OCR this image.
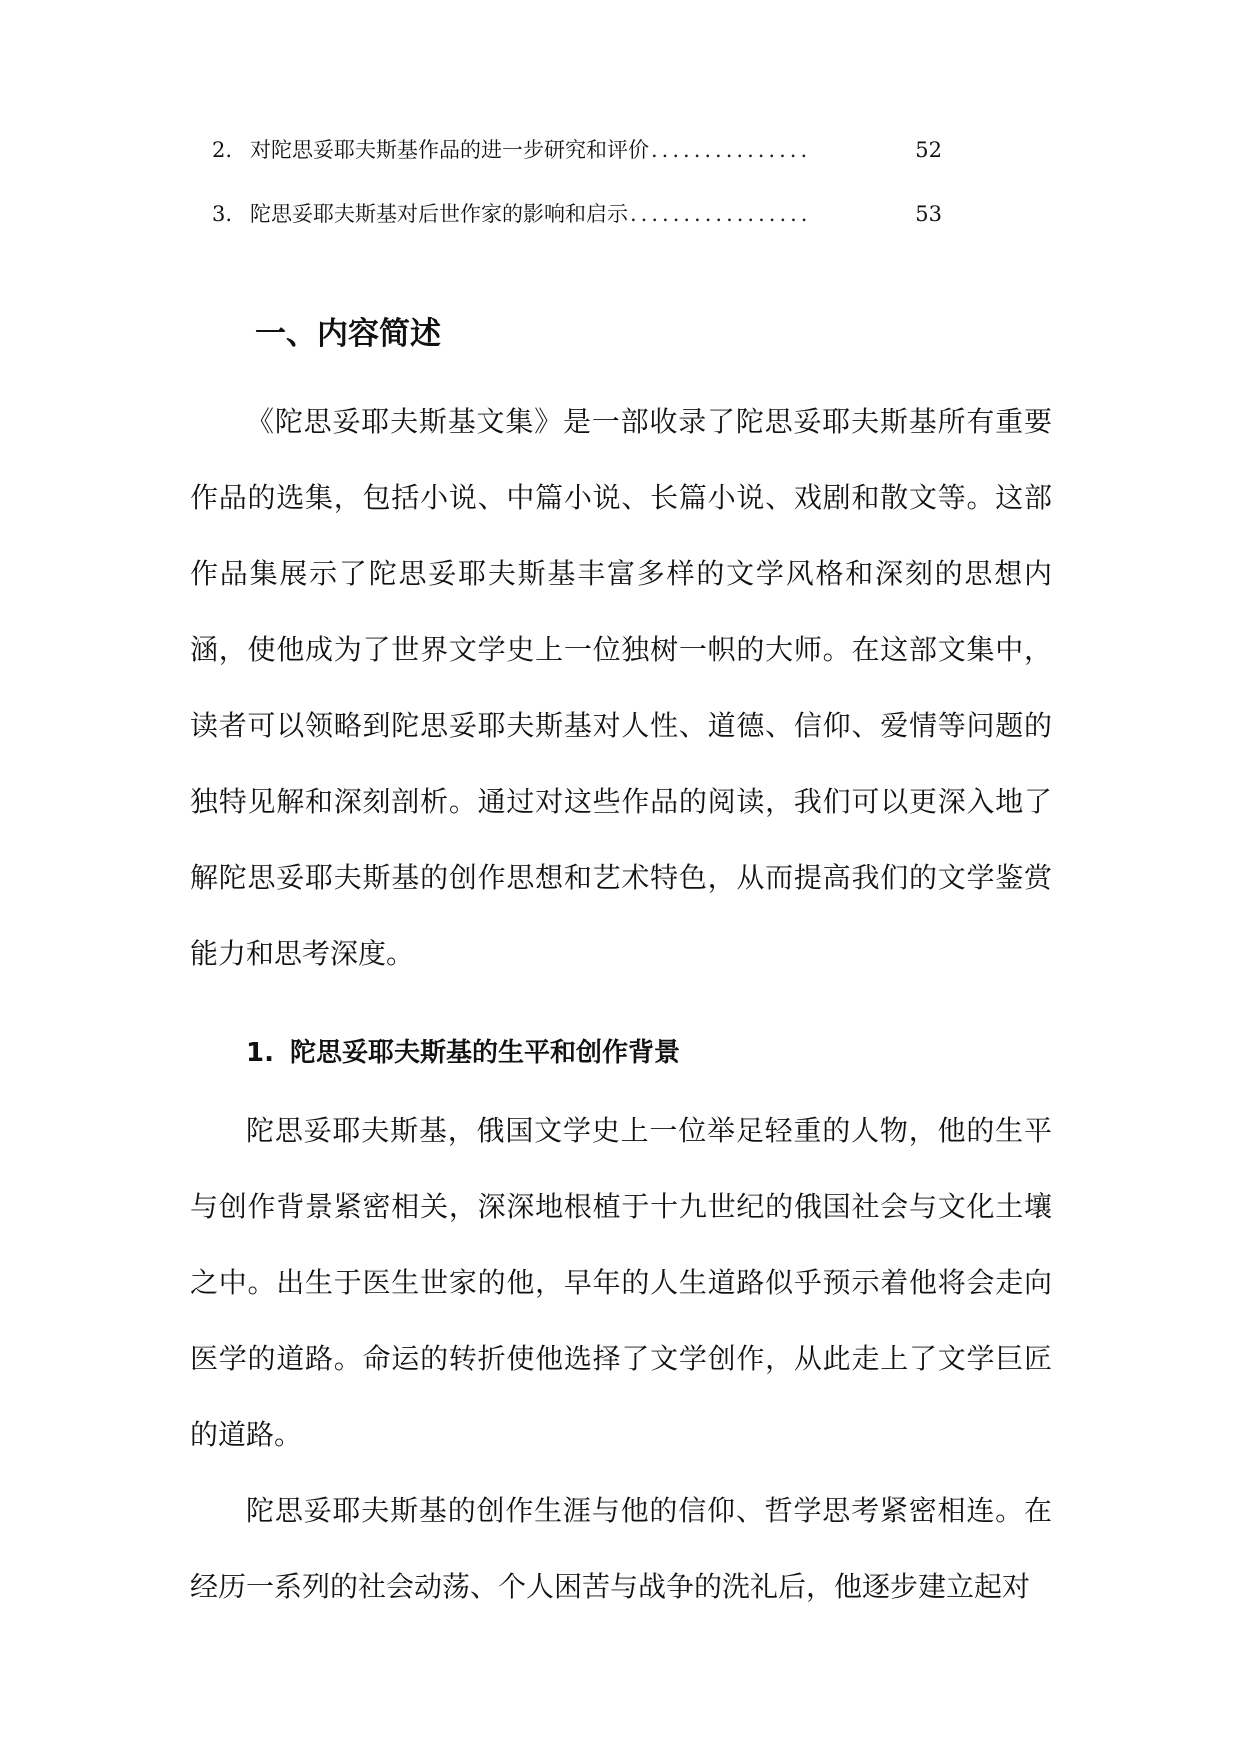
2. 对陀思妥耶夫斯基作品的进一步研究和评价 ...............	52
3. 陀思妥耶夫斯基对后世作家的影响和启示 .................	53
一、内容简述

《陀思妥耶夫斯基文集》是一部收录了陀思妥耶夫斯基所有重要作品的选集，包括小说、中篇小说、长篇小说、戏剧和散文等。这部作品集展示了陀思妥耶夫斯基丰富多样的文学风格和深刻的思想内涵，使他成为了世界文学史上一位独树一帜的大师。在这部文集中，读者可以领略到陀思妥耶夫斯基对人性、道德、信仰、爱情等问题的独特见解和深刻剖析。通过对这些作品的阅读，我们可以更深入地了解陀思妥耶夫斯基的创作思想和艺术特色，从而提高我们的文学鉴赏能力和思考深度。

1. 陀思妥耶夫斯基的生平和创作背景

陀思妥耶夫斯基，俄国文学史上一位举足轻重的人物，他的生平与创作背景紧密相关，深深地根植于十九世纪的俄国社会与文化土壤之中。出生于医生世家的他，早年的人生道路似乎预示着他将会走向医学的道路。命运的转折使他选择了文学创作，从此走上了文学巨匠的道路。

陀思妥耶夫斯基的创作生涯与他的信仰、哲学思考紧密相连。在经历一系列的社会动荡、个人困苦与战争的洗礼后，他逐步建立起对
